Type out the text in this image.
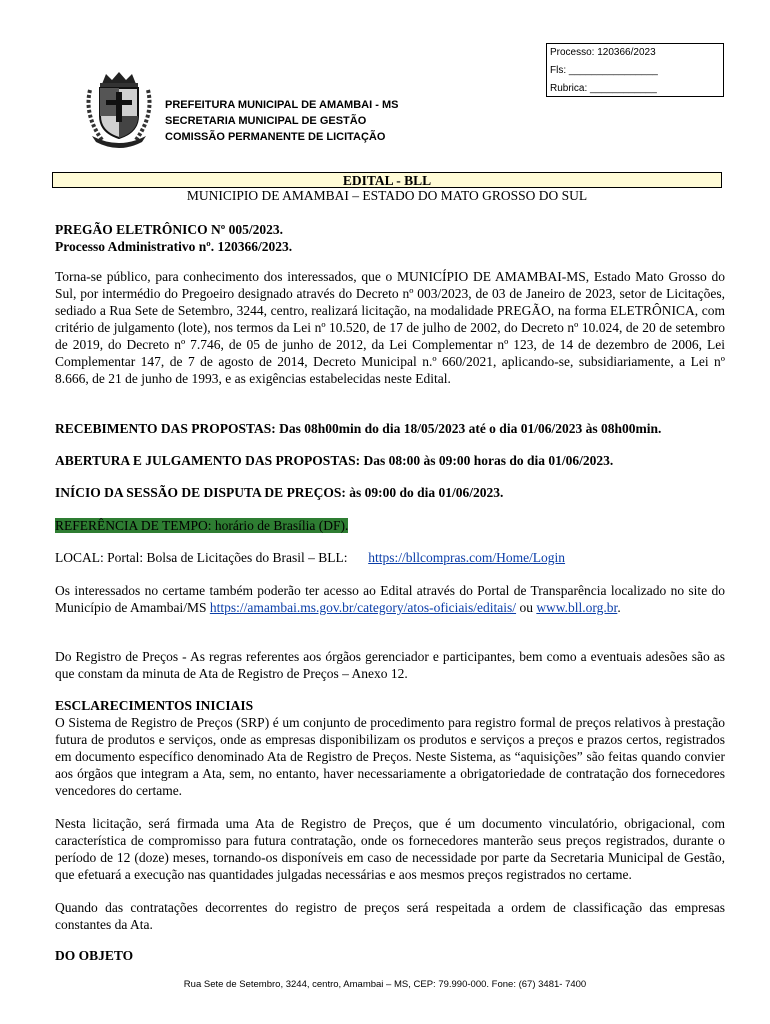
Processo: 120366/2023
Fls: ________________
Rubrica: ____________
PREFEITURA MUNICIPAL DE AMAMBAI - MS
SECRETARIA MUNICIPAL DE GESTÃO
COMISSÃO PERMANENTE DE LICITAÇÃO
EDITAL - BLL
MUNICIPIO DE AMAMBAI – ESTADO DO MATO GROSSO DO SUL
PREGÃO ELETRÔNICO Nº 005/2023.
Processo Administrativo nº. 120366/2023.
Torna-se público, para conhecimento dos interessados, que o MUNICÍPIO DE AMAMBAI-MS, Estado Mato Grosso do Sul, por intermédio do Pregoeiro designado através do Decreto nº 003/2023, de 03 de Janeiro de 2023, setor de Licitações, sediado a Rua Sete de Setembro, 3244, centro, realizará licitação, na modalidade PREGÃO, na forma ELETRÔNICA, com critério de julgamento (lote), nos termos da Lei nº 10.520, de 17 de julho de 2002, do Decreto nº 10.024, de 20 de setembro de 2019, do Decreto nº 7.746, de 05 de junho de 2012, da Lei Complementar nº 123, de 14 de dezembro de 2006, Lei Complementar 147, de 7 de agosto de 2014, Decreto Municipal n.º 660/2021, aplicando-se, subsidiariamente, a Lei nº 8.666, de 21 de junho de 1993, e as exigências estabelecidas neste Edital.
RECEBIMENTO DAS PROPOSTAS: Das 08h00min do dia 18/05/2023 até o dia 01/06/2023 às 08h00min.
ABERTURA E JULGAMENTO DAS PROPOSTAS: Das 08:00 às 09:00 horas do dia 01/06/2023.
INÍCIO DA SESSÃO DE DISPUTA DE PREÇOS: às 09:00 do dia 01/06/2023.
REFERÊNCIA DE TEMPO: horário de Brasília (DF).
LOCAL: Portal: Bolsa de Licitações do Brasil – BLL: https://bllcompras.com/Home/Login
Os interessados no certame também poderão ter acesso ao Edital através do Portal de Transparência localizado no site do Município de Amambai/MS https://amambai.ms.gov.br/category/atos-oficiais/editais/ ou www.bll.org.br.
Do Registro de Preços - As regras referentes aos órgãos gerenciador e participantes, bem como a eventuais adesões são as que constam da minuta de Ata de Registro de Preços – Anexo 12.
ESCLARECIMENTOS INICIAIS
O Sistema de Registro de Preços (SRP) é um conjunto de procedimento para registro formal de preços relativos à prestação futura de produtos e serviços, onde as empresas disponibilizam os produtos e serviços a preços e prazos certos, registrados em documento específico denominado Ata de Registro de Preços. Neste Sistema, as “aquisições” são feitas quando convier aos órgãos que integram a Ata, sem, no entanto, haver necessariamente a obrigatoriedade de contratação dos fornecedores vencedores do certame.
Nesta licitação, será firmada uma Ata de Registro de Preços, que é um documento vinculatório, obrigacional, com característica de compromisso para futura contratação, onde os fornecedores manterão seus preços registrados, durante o período de 12 (doze) meses, tornando-os disponíveis em caso de necessidade por parte da Secretaria Municipal de Gestão, que efetuará a execução nas quantidades julgadas necessárias e aos mesmos preços registrados no certame.
Quando das contratações decorrentes do registro de preços será respeitada a ordem de classificação das empresas constantes da Ata.
DO OBJETO
Rua Sete de Setembro, 3244, centro, Amambai – MS, CEP: 79.990-000. Fone: (67) 3481- 7400
